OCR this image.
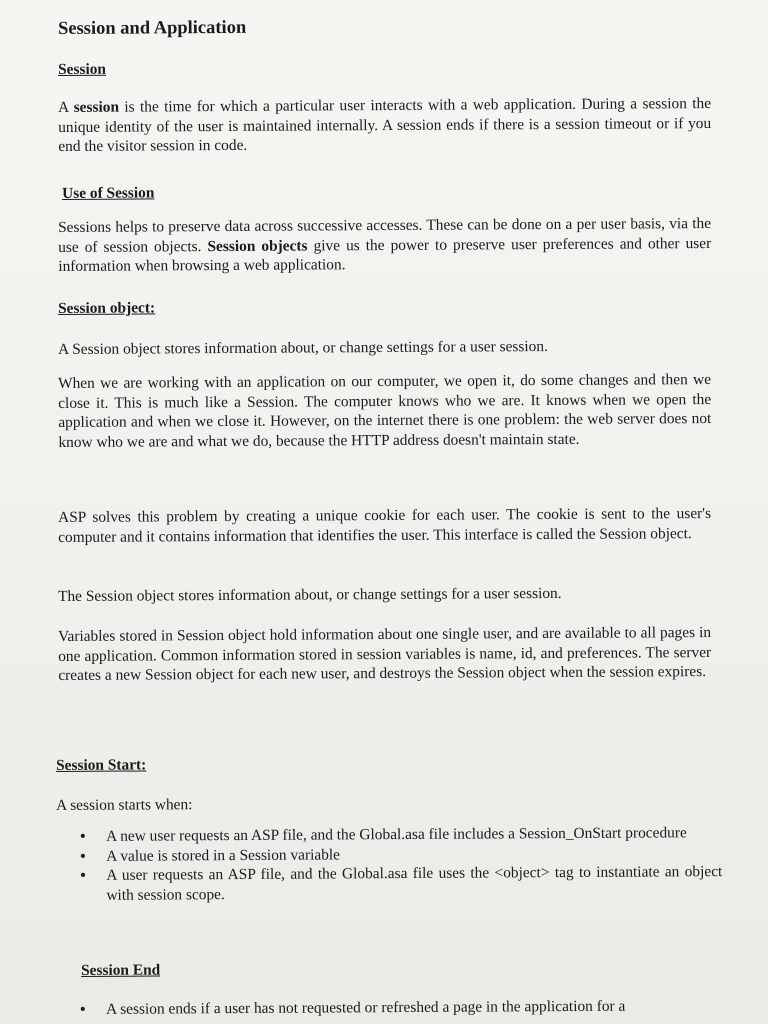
Session and Application
Session

A session is the time for which a particular user interacts with a web application. During a session the unique identity of the user is maintained internally. A session ends if there is a session timeout or if you end the visitor session in code.

Use of Session

Sessions helps to preserve data across successive accesses. These can be done on a per user basis, via the use of session objects. Session objects give us the power to preserve user preferences and other user information when browsing a web application.

Session object:

A Session object stores information about, or change settings for a user session.

When we are working with an application on our computer, we open it, do some changes and then we close it. This is much like a Session. The computer knows who we are. It knows when we open the application and when we close it. However, on the internet there is one problem: the web server does not know who we are and what we do, because the HTTP address doesn't maintain state.

ASP solves this problem by creating a unique cookie for each user. The cookie is sent to the user's computer and it contains information that identifies the user. This interface is called the Session object.

The Session object stores information about, or change settings for a user session.

Variables stored in Session object hold information about one single user, and are available to all pages in one application. Common information stored in session variables is name, id, and preferences. The server creates a new Session object for each new user, and destroys the Session object when the session expires.

Session Start:

A session starts when:

• A new user requests an ASP file, and the Global.asa file includes a Session_OnStart procedure
• A value is stored in a Session variable
• A user requests an ASP file, and the Global.asa file uses the <object> tag to instantiate an object with session scope.
Session End
• A session ends if a user has not requested or refreshed a page in the application for a
